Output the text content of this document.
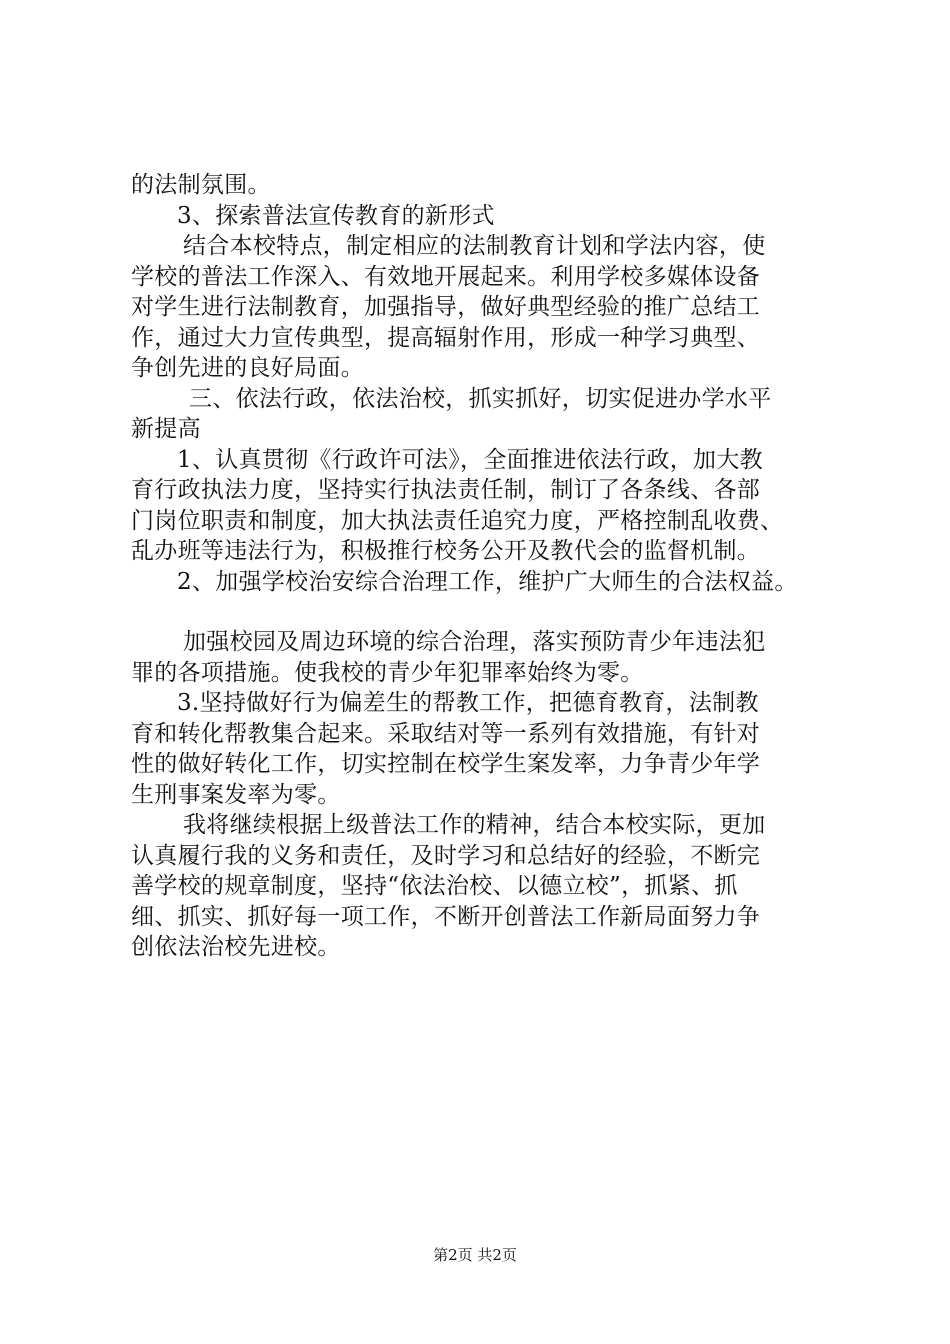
的法制氛围。

3、探索普法宣传教育的新形式

结合本校特点，制定相应的法制教育计划和学法内容，使
学校的普法工作深入、有效地开展起来。利用学校多媒体设备
对学生进行法制教育，加强指导，做好典型经验的推广总结工
作，通过大力宣传典型，提高辐射作用，形成一种学习典型、
争创先进的良好局面。

三、依法行政，依法治校，抓实抓好，切实促进办学水平
新提高

1、认真贯彻《行政许可法》，全面推进依法行政，加大教
育行政执法力度，坚持实行执法责任制，制订了各条线、各部
门岗位职责和制度，加大执法责任追究力度，严格控制乱收费、
乱办班等违法行为，积极推行校务公开及教代会的监督机制。

2、加强学校治安综合治理工作，维护广大师生的合法权益。

加强校园及周边环境的综合治理，落实预防青少年违法犯
罪的各项措施。使我校的青少年犯罪率始终为零。

3.坚持做好行为偏差生的帮教工作，把德育教育，法制教
育和转化帮教集合起来。采取结对等一系列有效措施，有针对
性的做好转化工作，切实控制在校学生案发率，力争青少年学
生刑事案发率为零。

我将继续根据上级普法工作的精神，结合本校实际，更加
认真履行我的义务和责任，及时学习和总结好的经验，不断完
善学校的规章制度，坚持“依法治校、以德立校”，抓紧、抓
细、抓实、抓好每一项工作，不断开创普法工作新局面努力争
创依法治校先进校。

第2页 共2页
